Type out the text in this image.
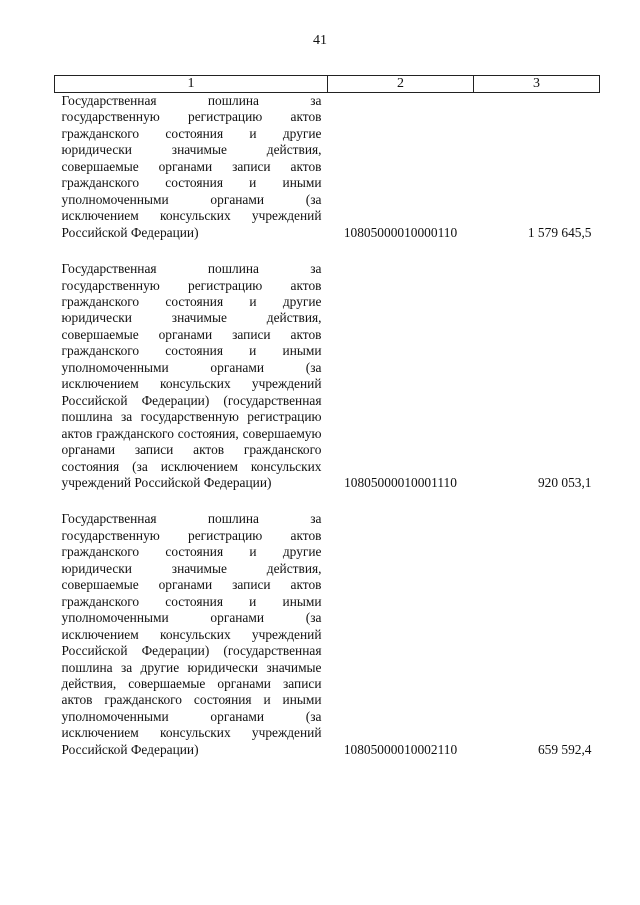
41
1	2	3
Государственная пошлина за государственную регистрацию актов гражданского состояния и другие юридически значимые действия, совершаемые органами записи актов гражданского состояния и иными уполномоченными органами (за исключением консульских учреждений Российской Федерации)	10805000010000110	1 579 645,5

Государственная пошлина за государственную регистрацию актов гражданского состояния и другие юридически значимые действия, совершаемые органами записи актов гражданского состояния и иными уполномоченными органами (за исключением консульских учреждений Российской Федерации) (государственная пошлина за государственную регистрацию актов гражданского состояния, совершаемую органами записи актов гражданского состояния (за исключением консульских учреждений Российской Федерации)	10805000010001110	920 053,1

Государственная пошлина за государственную регистрацию актов гражданского состояния и другие юридически значимые действия, совершаемые органами записи актов гражданского состояния и иными уполномоченными органами (за исключением консульских учреждений Российской Федерации) (государственная пошлина за другие юридически значимые действия, совершаемые органами записи актов гражданского состояния и иными уполномоченными органами (за исключением консульских учреждений Российской Федерации)	10805000010002110	659 592,4
